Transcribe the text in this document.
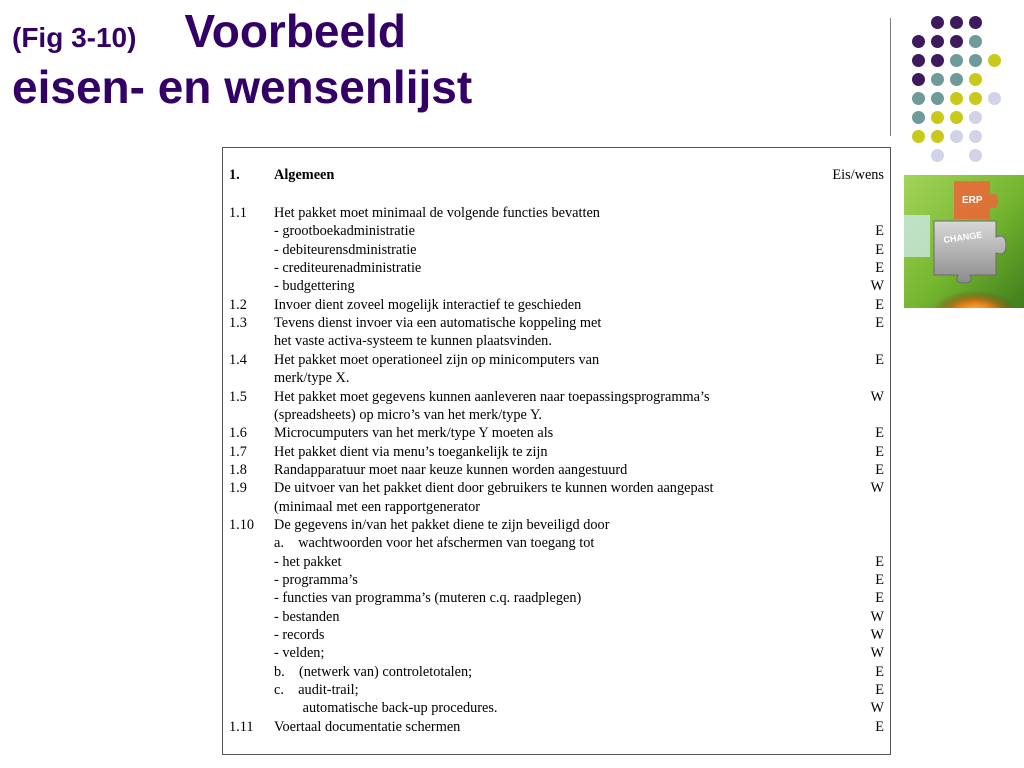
(Fig 3-10) Voorbeeld
eisen- en wensenlijst
ERP
CHANGE
1. Algemeen	Eis/wens
1.1 Het pakket moet minimaal de volgende functies bevatten
- grootboekadministratie	E
- debiteurensdministratie	E
- crediteurenadministratie	E
- budgettering	W
1.2 Invoer dient zoveel mogelijk interactief te geschieden	E
1.3 Tevens dienst invoer via een automatische koppeling met	E
het vaste activa-systeem te kunnen plaatsvinden.
1.4 Het pakket moet operationeel zijn op minicomputers van	E
merk/type X.
1.5 Het pakket moet gegevens kunnen aanleveren naar toepassingsprogramma’s	W
(spreadsheets) op micro’s van het merk/type Y.
1.6 Microcumputers van het merk/type Y moeten als	E
1.7 Het pakket dient via menu’s toegankelijk te zijn	E
1.8 Randapparatuur moet naar keuze kunnen worden aangestuurd	E
1.9 De uitvoer van het pakket dient door gebruikers te kunnen worden aangepast	W
(minimaal met een rapportgenerator
1.10 De gegevens in/van het pakket diene te zijn beveiligd door
a.    wachtwoorden voor het afschermen van toegang tot
- het pakket	E
- programma’s	E
- functies van programma’s (muteren c.q. raadplegen)	E
- bestanden	W
- records	W
- velden;	W
b.    (netwerk van) controletotalen;	E
c.    audit-trail;	E
automatische back-up procedures.	W
1.11 Voertaal documentatie schermen	E
